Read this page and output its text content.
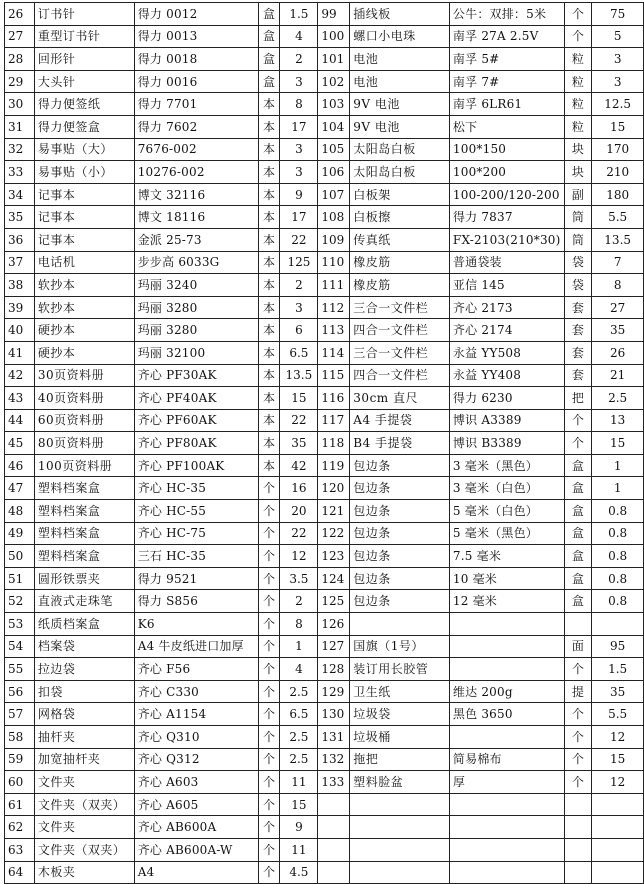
26	订书针	得力 0012	盒	1.5	99	插线板	公牛：双排：5米	个	75
27	重型订书针	得力 0013	盒	4	100	螺口小电珠	南孚 27A 2.5V	个	5
28	回形针	得力 0018	盒	2	101	电池	南孚 5#	粒	3
29	大头针	得力 0016	盒	3	102	电池	南孚 7#	粒	3
30	得力便签纸	得力 7701	本	8	103	9V 电池	南孚 6LR61	粒	12.5
31	得力便签盒	得力 7602	本	17	104	9V 电池	松下	粒	15
32	易事贴（大）	7676-002	本	3	105	太阳岛白板	100*150	块	170
33	易事贴（小）	10276-002	本	3	106	太阳岛白板	100*200	块	210
34	记事本	博文 32116	本	9	107	白板架	100-200/120-200	副	180
35	记事本	博文 18116	本	17	108	白板擦	得力 7837	筒	5.5
36	记事本	金派 25-73	本	22	109	传真纸	FX-2103(210*30)	筒	13.5
37	电话机	步步高 6033G	本	125	110	橡皮筋	普通袋装	袋	7
38	软抄本	玛丽 3240	本	2	111	橡皮筋	亚信 145	袋	8
39	软抄本	玛丽 3280	本	3	112	三合一文件栏	齐心 2173	套	27
40	硬抄本	玛丽 3280	本	6	113	四合一文件栏	齐心 2174	套	35
41	硬抄本	玛丽 32100	本	6.5	114	三合一文件栏	永益 YY508	套	26
42	30页资料册	齐心 PF30AK	本	13.5	115	四合一文件栏	永益 YY408	套	21
43	40页资料册	齐心 PF40AK	本	15	116	30cm 直尺	得力 6230	把	2.5
44	60页资料册	齐心 PF60AK	本	22	117	A4 手提袋	博识 A3389	个	13
45	80页资料册	齐心 PF80AK	本	35	118	B4 手提袋	博识 B3389	个	15
46	100页资料册	齐心 PF100AK	本	42	119	包边条	3 毫米（黑色）	盒	1
47	塑料档案盒	齐心 HC-35	个	16	120	包边条	3 毫米（白色）	盒	1
48	塑料档案盒	齐心 HC-55	个	20	121	包边条	5 毫米（白色）	盒	0.8
49	塑料档案盒	齐心 HC-75	个	22	122	包边条	5 毫米（黑色）	盒	0.8
50	塑料档案盒	三石 HC-35	个	12	123	包边条	7.5 毫米	盒	0.8
51	圆形铁票夹	得力 9521	个	3.5	124	包边条	10 毫米	盒	0.8
52	直液式走珠笔	得力 S856	个	2	125	包边条	12 毫米	盒	0.8
53	纸质档案盒	K6	个	8	126				
54	档案袋	A4 牛皮纸进口加厚	个	1	127	国旗（1号）		面	95
55	拉边袋	齐心 F56	个	4	128	装订用长胶管		个	1.5
56	扣袋	齐心 C330	个	2.5	129	卫生纸	维达 200g	提	35
57	网格袋	齐心 A1154	个	6.5	130	垃圾袋	黑色 3650	个	5.5
58	抽杆夹	齐心 Q310	个	2.5	131	垃圾桶		个	12
59	加宽抽杆夹	齐心 Q312	个	2.5	132	拖把	简易棉布	个	15
60	文件夹	齐心 A603	个	11	133	塑料脸盆	厚	个	12
61	文件夹（双夹）	齐心 A605	个	15					
62	文件夹	齐心 AB600A	个	9					
63	文件夹（双夹）	齐心 AB600A-W	个	11					
64	木板夹	A4	个	4.5					
